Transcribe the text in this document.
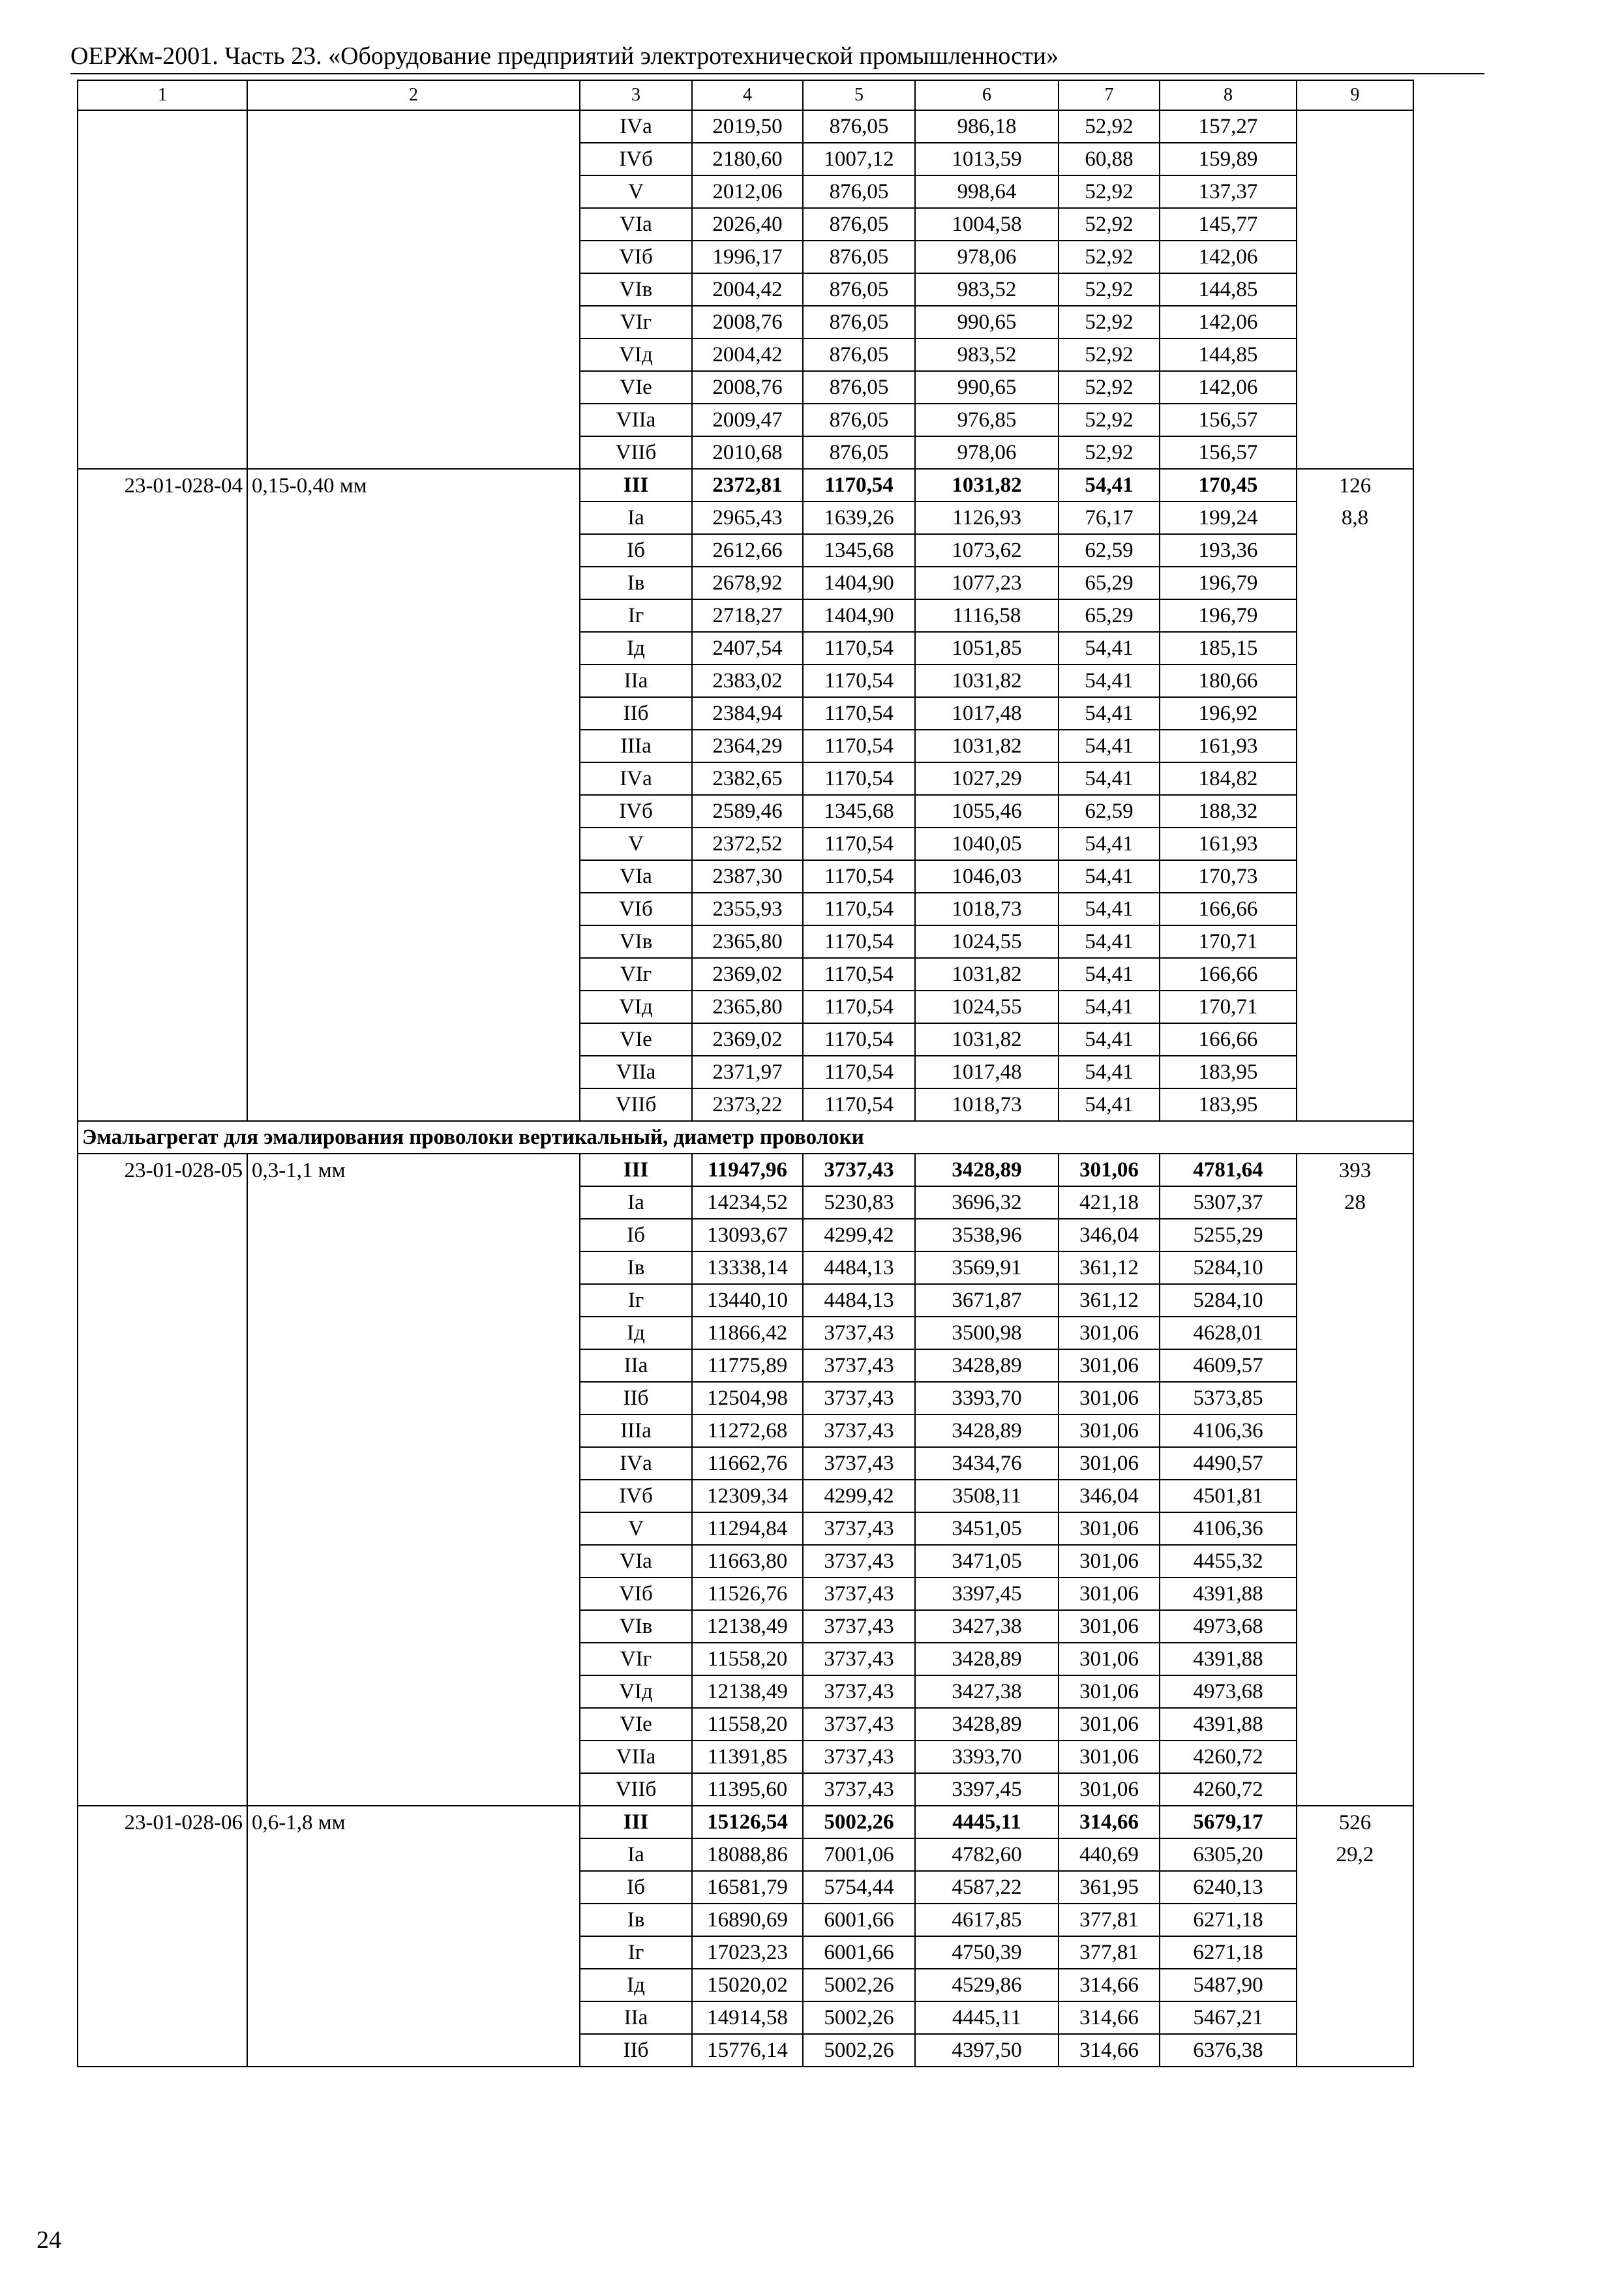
ОЕРЖм-2001. Часть 23. «Оборудование предприятий электротехнической промышленности»
1	2	3	4	5	6	7	8	9
		IVа	2019,50	876,05	986,18	52,92	157,27	
		IVб	2180,60	1007,12	1013,59	60,88	159,89	
		V	2012,06	876,05	998,64	52,92	137,37	
		VIа	2026,40	876,05	1004,58	52,92	145,77	
		VIб	1996,17	876,05	978,06	52,92	142,06	
		VIв	2004,42	876,05	983,52	52,92	144,85	
		VIг	2008,76	876,05	990,65	52,92	142,06	
		VIд	2004,42	876,05	983,52	52,92	144,85	
		VIе	2008,76	876,05	990,65	52,92	142,06	
		VIIа	2009,47	876,05	976,85	52,92	156,57	
		VIIб	2010,68	876,05	978,06	52,92	156,57	
23-01-028-04	0,15-0,40 мм	III	2372,81	1170,54	1031,82	54,41	170,45	126
		Iа	2965,43	1639,26	1126,93	76,17	199,24	8,8
		Iб	2612,66	1345,68	1073,62	62,59	193,36	
		Iв	2678,92	1404,90	1077,23	65,29	196,79	
		Iг	2718,27	1404,90	1116,58	65,29	196,79	
		Iд	2407,54	1170,54	1051,85	54,41	185,15	
		IIа	2383,02	1170,54	1031,82	54,41	180,66	
		IIб	2384,94	1170,54	1017,48	54,41	196,92	
		IIIа	2364,29	1170,54	1031,82	54,41	161,93	
		IVа	2382,65	1170,54	1027,29	54,41	184,82	
		IVб	2589,46	1345,68	1055,46	62,59	188,32	
		V	2372,52	1170,54	1040,05	54,41	161,93	
		VIа	2387,30	1170,54	1046,03	54,41	170,73	
		VIб	2355,93	1170,54	1018,73	54,41	166,66	
		VIв	2365,80	1170,54	1024,55	54,41	170,71	
		VIг	2369,02	1170,54	1031,82	54,41	166,66	
		VIд	2365,80	1170,54	1024,55	54,41	170,71	
		VIе	2369,02	1170,54	1031,82	54,41	166,66	
		VIIа	2371,97	1170,54	1017,48	54,41	183,95	
		VIIб	2373,22	1170,54	1018,73	54,41	183,95	
Эмальагрегат для эмалирования проволоки вертикальный, диаметр проволоки								
23-01-028-05	0,3-1,1 мм	III	11947,96	3737,43	3428,89	301,06	4781,64	393
		Iа	14234,52	5230,83	3696,32	421,18	5307,37	28
		Iб	13093,67	4299,42	3538,96	346,04	5255,29	
		Iв	13338,14	4484,13	3569,91	361,12	5284,10	
		Iг	13440,10	4484,13	3671,87	361,12	5284,10	
		Iд	11866,42	3737,43	3500,98	301,06	4628,01	
		IIа	11775,89	3737,43	3428,89	301,06	4609,57	
		IIб	12504,98	3737,43	3393,70	301,06	5373,85	
		IIIа	11272,68	3737,43	3428,89	301,06	4106,36	
		IVа	11662,76	3737,43	3434,76	301,06	4490,57	
		IVб	12309,34	4299,42	3508,11	346,04	4501,81	
		V	11294,84	3737,43	3451,05	301,06	4106,36	
		VIа	11663,80	3737,43	3471,05	301,06	4455,32	
		VIб	11526,76	3737,43	3397,45	301,06	4391,88	
		VIв	12138,49	3737,43	3427,38	301,06	4973,68	
		VIг	11558,20	3737,43	3428,89	301,06	4391,88	
		VIд	12138,49	3737,43	3427,38	301,06	4973,68	
		VIе	11558,20	3737,43	3428,89	301,06	4391,88	
		VIIа	11391,85	3737,43	3393,70	301,06	4260,72	
		VIIб	11395,60	3737,43	3397,45	301,06	4260,72	
23-01-028-06	0,6-1,8 мм	III	15126,54	5002,26	4445,11	314,66	5679,17	526
		Iа	18088,86	7001,06	4782,60	440,69	6305,20	29,2
		Iб	16581,79	5754,44	4587,22	361,95	6240,13	
		Iв	16890,69	6001,66	4617,85	377,81	6271,18	
		Iг	17023,23	6001,66	4750,39	377,81	6271,18	
		Iд	15020,02	5002,26	4529,86	314,66	5487,90	
		IIа	14914,58	5002,26	4445,11	314,66	5467,21	
		IIб	15776,14	5002,26	4397,50	314,66	6376,38	
24
